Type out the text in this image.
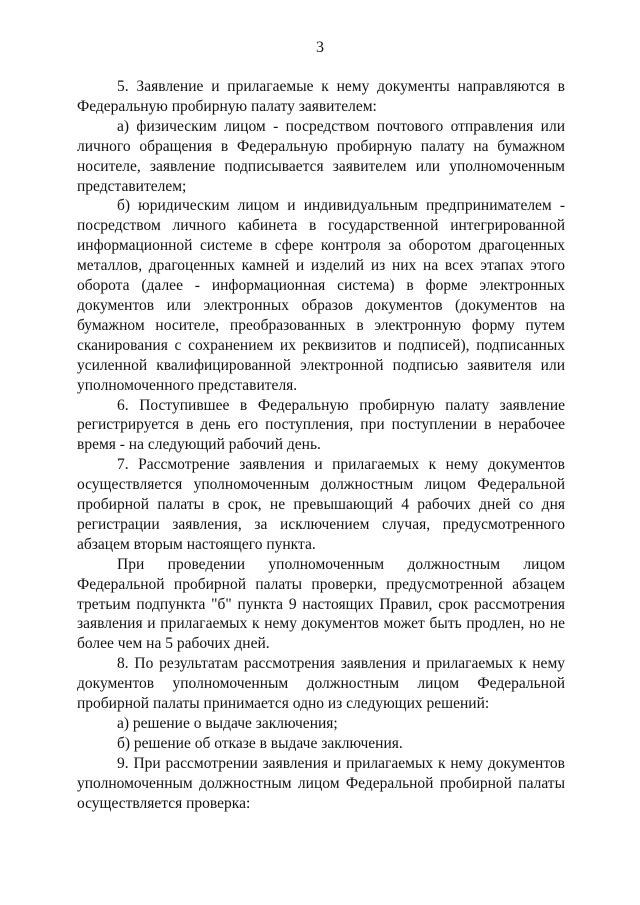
3

5. Заявление и прилагаемые к нему документы направляются в Федеральную пробирную палату заявителем:

а) физическим лицом - посредством почтового отправления или личного обращения в Федеральную пробирную палату на бумажном носителе, заявление подписывается заявителем или уполномоченным представителем;

б) юридическим лицом и индивидуальным предпринимателем - посредством личного кабинета в государственной интегрированной информационной системе в сфере контроля за оборотом драгоценных металлов, драгоценных камней и изделий из них на всех этапах этого оборота (далее - информационная система) в форме электронных документов или электронных образов документов (документов на бумажном носителе, преобразованных в электронную форму путем сканирования с сохранением их реквизитов и подписей), подписанных усиленной квалифицированной электронной подписью заявителя или уполномоченного представителя.

6. Поступившее в Федеральную пробирную палату заявление регистрируется в день его поступления, при поступлении в нерабочее время - на следующий рабочий день.

7. Рассмотрение заявления и прилагаемых к нему документов осуществляется уполномоченным должностным лицом Федеральной пробирной палаты в срок, не превышающий 4 рабочих дней со дня регистрации заявления, за исключением случая, предусмотренного абзацем вторым настоящего пункта.

При проведении уполномоченным должностным лицом Федеральной пробирной палаты проверки, предусмотренной абзацем третьим подпункта "б" пункта 9 настоящих Правил, срок рассмотрения заявления и прилагаемых к нему документов может быть продлен, но не более чем на 5 рабочих дней.

8. По результатам рассмотрения заявления и прилагаемых к нему документов уполномоченным должностным лицом Федеральной пробирной палаты принимается одно из следующих решений:

а) решение о выдаче заключения;

б) решение об отказе в выдаче заключения.

9. При рассмотрении заявления и прилагаемых к нему документов уполномоченным должностным лицом Федеральной пробирной палаты осуществляется проверка:
